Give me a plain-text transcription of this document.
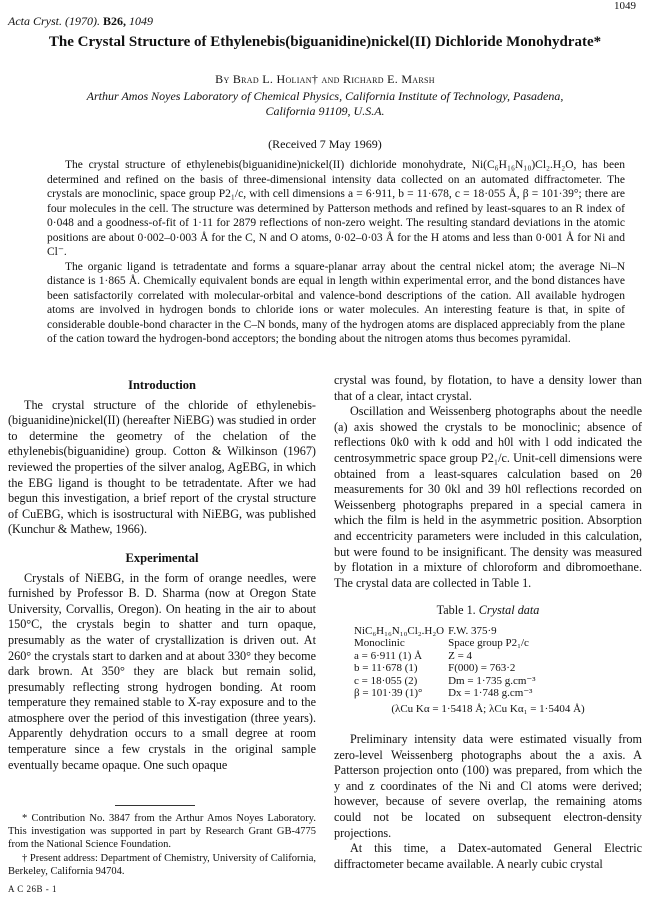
1049
Acta Cryst. (1970). B26, 1049
The Crystal Structure of Ethylenebis(biguanidine)nickel(II) Dichloride Monohydrate*
By Brad L. Holian† and Richard E. Marsh
Arthur Amos Noyes Laboratory of Chemical Physics, California Institute of Technology, Pasadena,
California 91109, U.S.A.
(Received 7 May 1969)

The crystal structure of ethylenebis(biguanidine)nickel(II) dichloride monohydrate, Ni(C₆H₁₆N₁₀)Cl₂.H₂O, has been determined and refined on the basis of three-dimensional intensity data collected on an automated diffractometer. The crystals are monoclinic, space group P2₁/c, with cell dimensions a = 6·911, b = 11·678, c = 18·055 Å, β = 101·39°; there are four molecules in the cell. The structure was determined by Patterson methods and refined by least-squares to an R index of 0·048 and a goodness-of-fit of 1·11 for 2879 reflections of non-zero weight. The resulting standard deviations in the atomic positions are about 0·002–0·003 Å for the C, N and O atoms, 0·02–0·03 Å for the H atoms and less than 0·001 Å for Ni and Cl⁻.

The organic ligand is tetradentate and forms a square-planar array about the central nickel atom; the average Ni–N distance is 1·865 Å. Chemically equivalent bonds are equal in length within experimental error, and the bond distances have been satisfactorily correlated with molecular-orbital and valence-bond descriptions of the cation. All available hydrogen atoms are involved in hydrogen bonds to chloride ions or water molecules. An interesting feature is that, in spite of considerable double-bond character in the C–N bonds, many of the hydrogen atoms are displaced appreciably from the plane of the cation toward the hydrogen-bond acceptors; the bonding about the nitrogen atoms thus becomes pyramidal.

Introduction

The crystal structure of the chloride of ethylenebis-(biguanidine)nickel(II) (hereafter NiEBG) was studied in order to determine the geometry of the chelation of the ethylenebis(biguanidine) group. Cotton & Wilkinson (1967) reviewed the properties of the silver analog, AgEBG, in which the EBG ligand is thought to be tetradentate. After we had begun this investigation, a brief report of the crystal structure of CuEBG, which is isostructural with NiEBG, was published (Kunchur & Mathew, 1966).

Experimental

Crystals of NiEBG, in the form of orange needles, were furnished by Professor B. D. Sharma (now at Oregon State University, Corvallis, Oregon). On heating in the air to about 150°C, the crystals begin to shatter and turn opaque, presumably as the water of crystallization is driven out. At 260° the crystals start to darken and at about 330° they become dark brown. At 350° they are black but remain solid, presumably reflecting strong hydrogen bonding. At room temperature they remained stable to X-ray exposure and to the atmosphere over the period of this investigation (three years). Apparently dehydration occurs to a small degree at room temperature since a few crystals in the original sample eventually became opaque. One such opaque

* Contribution No. 3847 from the Arthur Amos Noyes Laboratory. This investigation was supported in part by Research Grant GB-4775 from the National Science Foundation.

† Present address: Department of Chemistry, University of California, Berkeley, California 94704.

A C 26B - 1

crystal was found, by flotation, to have a density lower than that of a clear, intact crystal.

Oscillation and Weissenberg photographs about the needle (a) axis showed the crystals to be monoclinic; absence of reflections 0k0 with k odd and h0l with l odd indicated the centrosymmetric space group P2₁/c. Unit-cell dimensions were obtained from a least-squares calculation based on 2θ measurements for 30 0kl and 39 h0l reflections recorded on Weissenberg photographs prepared in a special camera in which the film is held in the asymmetric position. Absorption and eccentricity parameters were included in this calculation, but were found to be insignificant. The density was measured by flotation in a mixture of chloroform and dibromoethane. The crystal data are collected in Table 1.

Table 1. Crystal data
NiC₆H₁₆N₁₀Cl₂.H₂O	F.W. 375·9
Monoclinic	Space group P2₁/c
a = 6·911 (1) Å	Z = 4
b = 11·678 (1)	F(000) = 763·2
c = 18·055 (2)	Dm = 1·735 g.cm⁻³
β = 101·39 (1)°	Dx = 1·748 g.cm⁻³
(λCu Kα = 1·5418 Å; λCu Kα₁ = 1·5404 Å)

Preliminary intensity data were estimated visually from zero-level Weissenberg photographs about the a axis. A Patterson projection onto (100) was prepared, from which the y and z coordinates of the Ni and Cl atoms were derived; however, because of severe overlap, the remaining atoms could not be located on subsequent electron-density projections.

At this time, a Datex-automated General Electric diffractometer became available. A nearly cubic crystal
